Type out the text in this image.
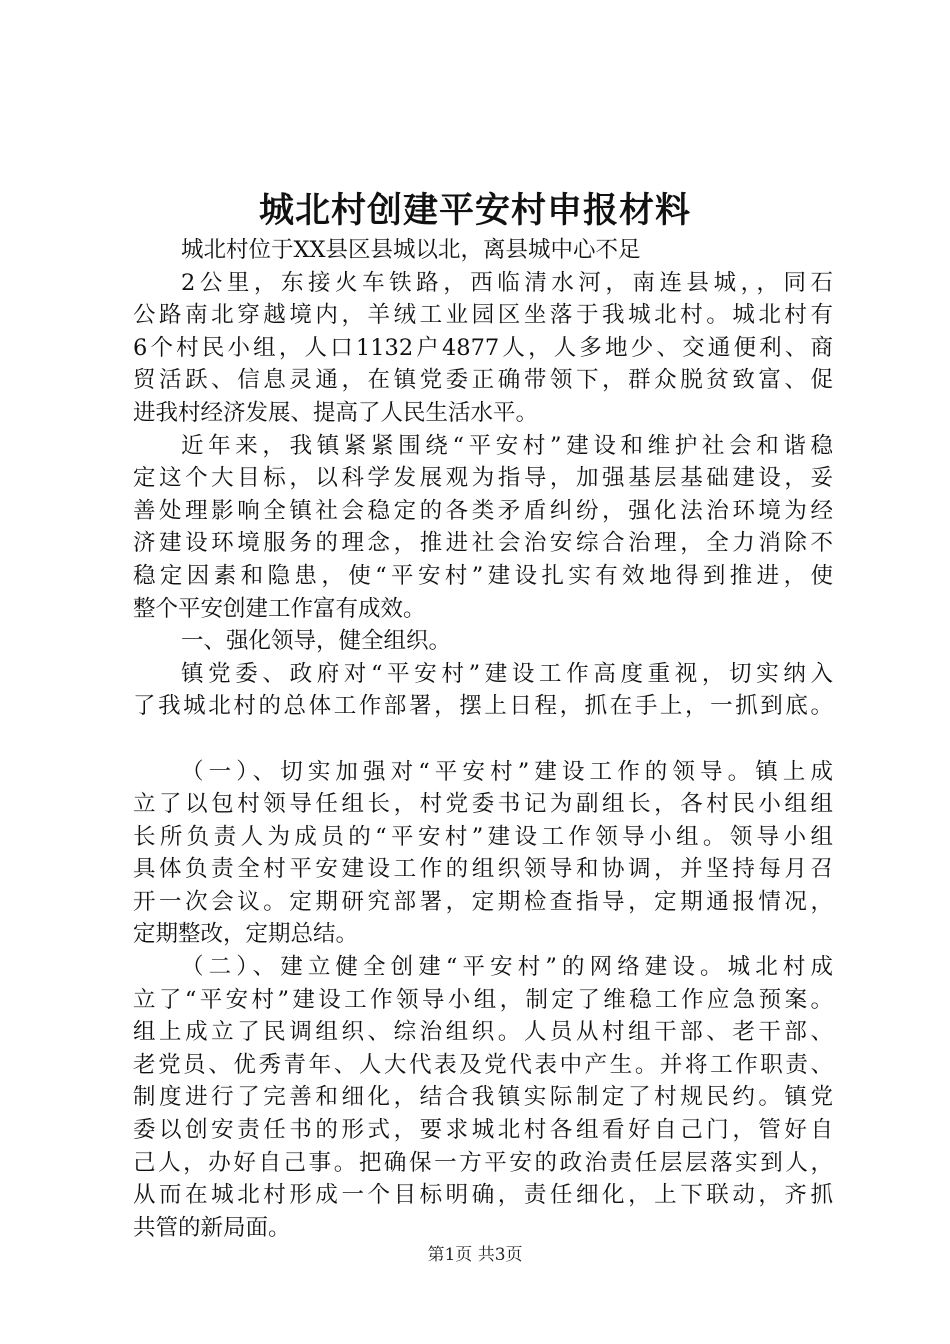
城北村创建平安村申报材料
城北村位于XX县区县城以北，离县城中心不足
2公里，东接火车铁路，西临清水河，南连县城，，同石
公路南北穿越境内，羊绒工业园区坐落于我城北村。城北村有
6个村民小组，人口1132户4877人，人多地少、交通便利、商
贸活跃、信息灵通，在镇党委正确带领下，群众脱贫致富、促
进我村经济发展、提高了人民生活水平。
近年来，我镇紧紧围绕“平安村”建设和维护社会和谐稳
定这个大目标，以科学发展观为指导，加强基层基础建设，妥
善处理影响全镇社会稳定的各类矛盾纠纷，强化法治环境为经
济建设环境服务的理念，推进社会治安综合治理，全力消除不
稳定因素和隐患，使“平安村”建设扎实有效地得到推进，使
整个平安创建工作富有成效。
一、强化领导，健全组织。
镇党委、政府对“平安村”建设工作高度重视，切实纳入
了我城北村的总体工作部署，摆上日程，抓在手上，一抓到底。
（一）、切实加强对“平安村”建设工作的领导。镇上成
立了以包村领导任组长，村党委书记为副组长，各村民小组组
长所负责人为成员的“平安村”建设工作领导小组。领导小组
具体负责全村平安建设工作的组织领导和协调，并坚持每月召
开一次会议。定期研究部署，定期检查指导，定期通报情况，
定期整改，定期总结。
（二）、建立健全创建“平安村”的网络建设。城北村成
立了“平安村”建设工作领导小组，制定了维稳工作应急预案。
组上成立了民调组织、综治组织。人员从村组干部、老干部、
老党员、优秀青年、人大代表及党代表中产生。并将工作职责、
制度进行了完善和细化，结合我镇实际制定了村规民约。镇党
委以创安责任书的形式，要求城北村各组看好自己门，管好自
己人，办好自己事。把确保一方平安的政治责任层层落实到人，
从而在城北村形成一个目标明确，责任细化，上下联动，齐抓
共管的新局面。
第1页 共3页
